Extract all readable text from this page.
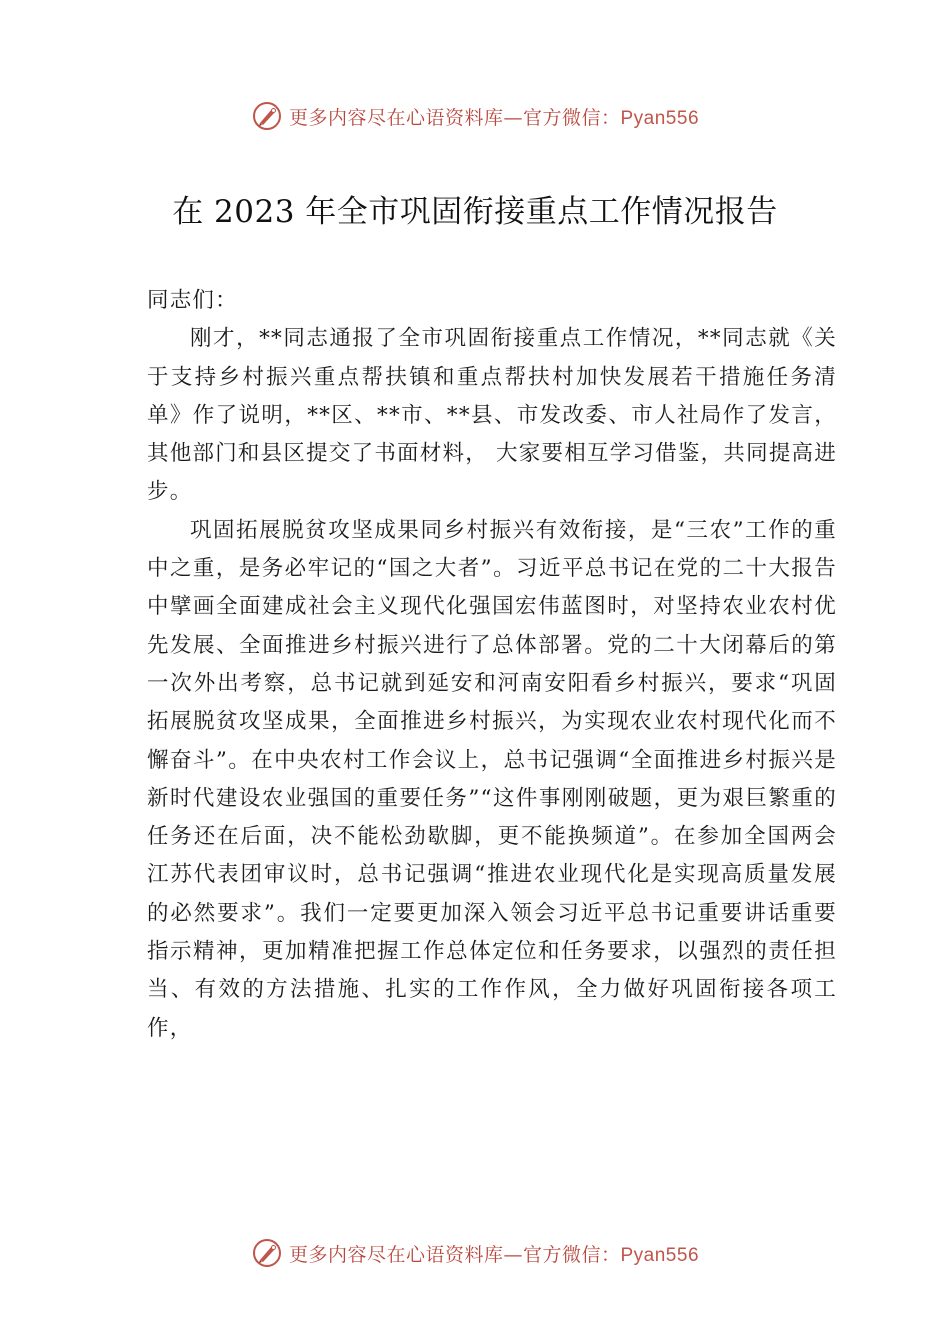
更多内容尽在心语资料库—官方微信：Pyan556
在 2023 年全市巩固衔接重点工作情况报告

同志们：

刚才，**同志通报了全市巩固衔接重点工作情况，**同志就《关于支持乡村振兴重点帮扶镇和重点帮扶村加快发展若干措施任务清单》作了说明，**区、**市、**县、市发改委、市人社局作了发言，其他部门和县区提交了书面材料， 大家要相互学习借鉴，共同提高进步。

巩固拓展脱贫攻坚成果同乡村振兴有效衔接，是“三农”工作的重中之重，是务必牢记的“国之大者”。习近平总书记在党的二十大报告中擘画全面建成社会主义现代化强国宏伟蓝图时，对坚持农业农村优先发展、全面推进乡村振兴进行了总体部署。党的二十大闭幕后的第一次外出考察，总书记就到延安和河南安阳看乡村振兴，要求“巩固拓展脱贫攻坚成果，全面推进乡村振兴，为实现农业农村现代化而不懈奋斗”。在中央农村工作会议上，总书记强调“全面推进乡村振兴是新时代建设农业强国的重要任务”“这件事刚刚破题，更为艰巨繁重的任务还在后面，决不能松劲歇脚，更不能换频道”。在参加全国两会江苏代表团审议时，总书记强调“推进农业现代化是实现高质量发展的必然要求”。我们一定要更加深入领会习近平总书记重要讲话重要指示精神，更加精准把握工作总体定位和任务要求，以强烈的责任担当、有效的方法措施、扎实的工作作风，全力做好巩固衔接各项工作，

更多内容尽在心语资料库—官方微信：Pyan556
